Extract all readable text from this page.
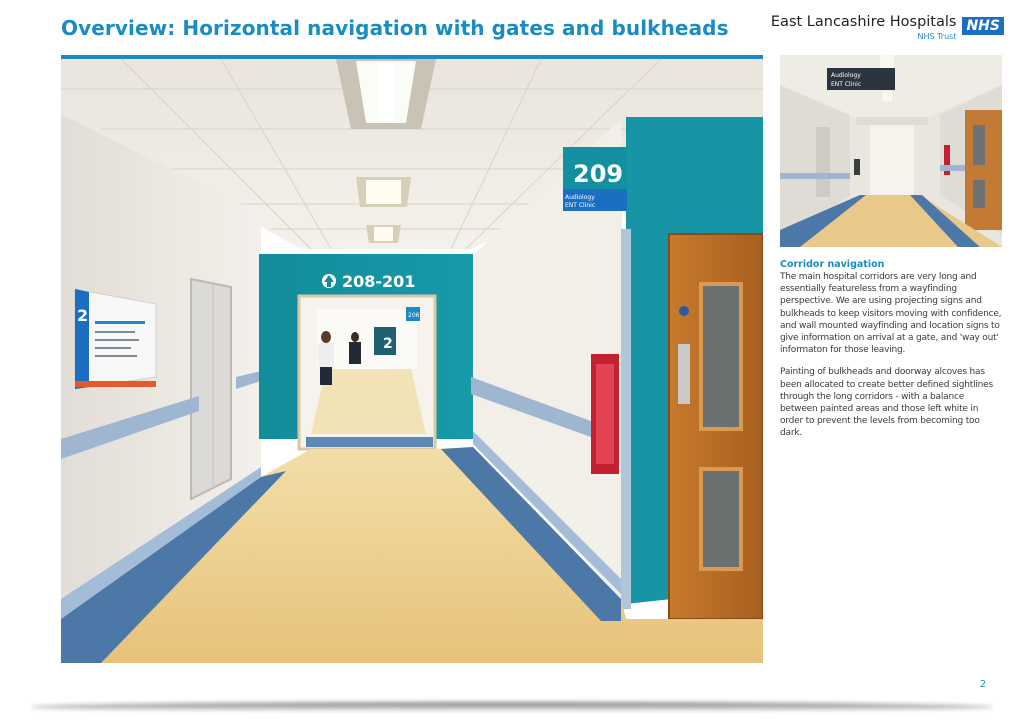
Overview: Horizontal navigation with gates and bulkheads	East Lancashire Hospitals
NHS Trust
NHS
2	206
2
208-201
209
Audiology
ENT Clinic
Audiology
ENT Clinic
Corridor navigation

The main hospital corridors are very long and essentially featureless from a wayfinding perspective. We are using projecting signs and bulkheads to keep visitors moving with confidence, and wall mounted wayfinding and location signs to give information on arrival at a gate, and 'way out' informaton for those leaving.

Painting of bulkheads and doorway alcoves has been allocated to create better defined sightlines through the long corridors - with a balance between painted areas and those left white in order to prevent the levels from becoming too dark.

2
